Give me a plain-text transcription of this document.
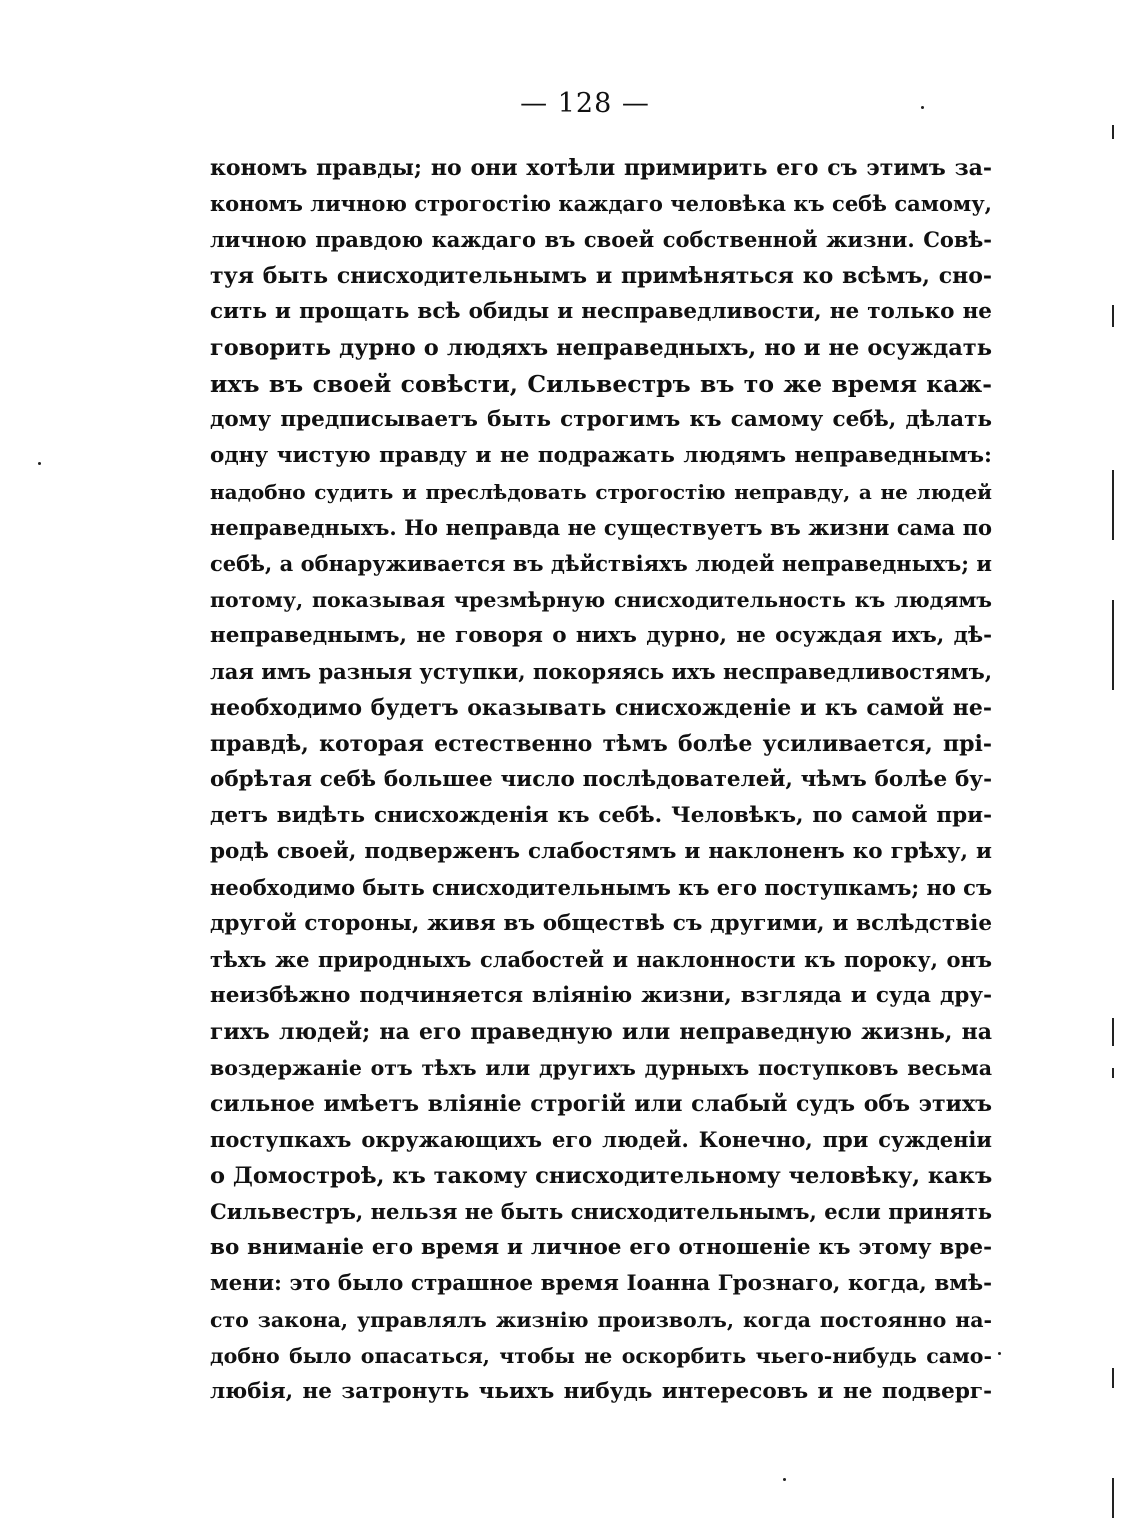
— 128 —
кономъ правды; но они хотѣли примирить его съ этимъ за-
кономъ личною строгостію каждаго человѣка къ себѣ самому,
личною правдою каждаго въ своей собственной жизни. Совѣ-
туя быть снисходительнымъ и примѣняться ко всѣмъ, сно-
сить и прощать всѣ обиды и несправедливости, не только не
говорить дурно о людяхъ неправедныхъ, но и не осуждать
ихъ въ своей совѣсти, Сильвестръ въ то же время каж-
дому предписываетъ быть строгимъ къ самому себѣ, дѣлать
одну чистую правду и не подражать людямъ неправеднымъ:
надобно судить и преслѣдовать строгостію неправду, а не людей
неправедныхъ. Но неправда не существуетъ въ жизни сама по
себѣ, а обнаруживается въ дѣйствіяхъ людей неправедныхъ; и
потому, показывая чрезмѣрную снисходительность къ людямъ
неправеднымъ, не говоря о нихъ дурно, не осуждая ихъ, дѣ-
лая имъ разныя уступки, покоряясь ихъ несправедливостямъ,
необходимо будетъ оказывать снисхожденіе и къ самой не-
правдѣ, которая естественно тѣмъ болѣе усиливается, прі-
обрѣтая себѣ большее число послѣдователей, чѣмъ болѣе бу-
детъ видѣть снисхожденія къ себѣ. Человѣкъ, по самой при-
родѣ своей, подверженъ слабостямъ и наклоненъ ко грѣху, и
необходимо быть снисходительнымъ къ его поступкамъ; но съ
другой стороны, живя въ обществѣ съ другими, и вслѣдствіе
тѣхъ же природныхъ слабостей и наклонности къ пороку, онъ
неизбѣжно подчиняется вліянію жизни, взгляда и суда дру-
гихъ людей; на его праведную или неправедную жизнь, на
воздержаніе отъ тѣхъ или другихъ дурныхъ поступковъ весьма
сильное имѣетъ вліяніе строгій или слабый судъ объ этихъ
поступкахъ окружающихъ его людей. Конечно, при сужденіи
о Домостроѣ, къ такому снисходительному человѣку, какъ
Сильвестръ, нельзя не быть снисходительнымъ, если принять
во вниманіе его время и личное его отношеніе къ этому вре-
мени: это было страшное время Іоанна Грознаго, когда, вмѣ-
сто закона, управлялъ жизнію произволъ, когда постоянно на-
добно было опасаться, чтобы не оскорбить чьего-нибудь само-
любія, не затронуть чьихъ нибудь интересовъ и не подверг-
